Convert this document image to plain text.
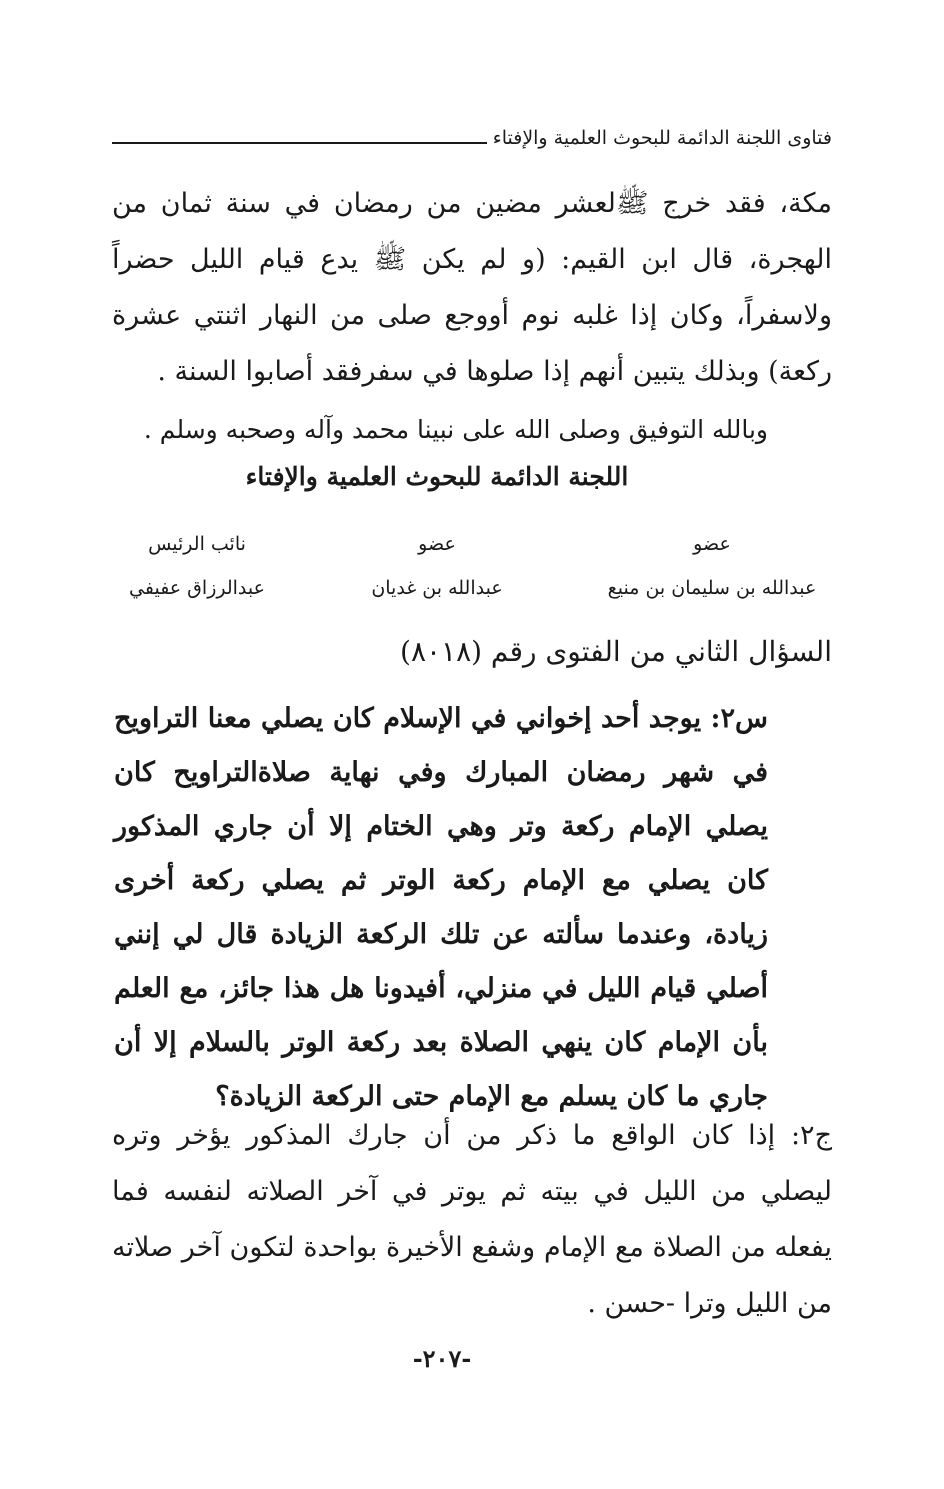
فتاوى اللجنة الدائمة للبحوث العلمية والإفتاء

مكة، فقد خرج ﷺلعشر مضين من رمضان في سنة ثمان من الهجرة، قال ابن القيم: (و لم يكن ﷺ يدع قيام الليل حضراً ولاسفراً، وكان إذا غلبه نوم أووجع صلى من النهار اثنتي عشرة ركعة) وبذلك يتبين أنهم إذا صلوها في سفرفقد أصابوا السنة .

وبالله التوفيق وصلى الله على نبينا محمد وآله وصحبه وسلم .
اللجنة الدائمة للبحوث العلمية والإفتاء
عضو
عضو
نائب الرئيس
عبدالله بن سليمان بن منيع
عبدالله بن غديان
عبدالرزاق عفيفي
السؤال الثاني من الفتوى رقم (٨٠١٨)
س٢: يوجد أحد إخواني في الإسلام كان يصلي معنا التراويح في شهر رمضان المبارك وفي نهاية صلاةالتراويح كان يصلي الإمام ركعة وتر وهي الختام إلا أن جاري المذكور كان يصلي مع الإمام ركعة الوتر ثم يصلي ركعة أخرى زيادة، وعندما سألته عن تلك الركعة الزيادة قال لي إنني أصلي قيام الليل في منزلي، أفيدونا هل هذا جائز، مع العلم بأن الإمام كان ينهي الصلاة بعد ركعة الوتر بالسلام إلا أن جاري ما كان يسلم مع الإمام حتى الركعة الزيادة؟

ج٢: إذا كان الواقع ما ذكر من أن جارك المذكور يؤخر وتره ليصلي من الليل في بيته ثم يوتر في آخر الصلاته لنفسه فما يفعله من الصلاة مع الإمام وشفع الأخيرة بواحدة لتكون آخر صلاته من الليل وترا -حسن .

-٢٠٧-
